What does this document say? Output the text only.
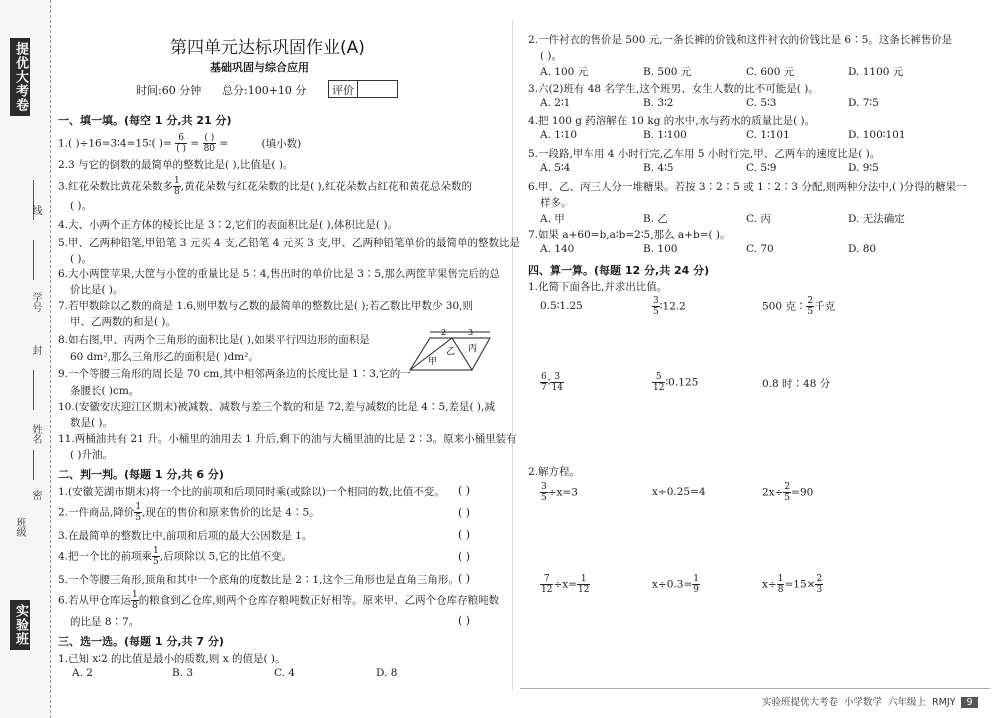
提优大考卷
实验班
线
学号
封
姓名
密
班级
第四单元达标巩固作业(A)
基础巩固与综合应用
时间:60 分钟 总分:100+10 分 评价
一、填一填。(每空 1 分,共 21 分)
1.( )÷16=3∶4=15∶( )= $\frac{6}{( )} = \frac{( )}{80}$ =	(填小数)
2.3 与它的倒数的最简单的整数比是( ),比值是( )。
3.红花朵数比黄花朵数多 $\frac{1}{8}$ ,黄花朵数与红花朵数的比是( ),红花朵数占红花和黄花总朵数的
( )。
4.大、小两个正方体的棱长比是 3∶2,它们的表面积比是( ),体积比是( )。
5.甲、乙两种铅笔,甲铅笔 3 元买 4 支,乙铅笔 4 元买 3 支,甲、乙两种铅笔单价的最简单的整数比是
( )。
6.大小两筐苹果,大筐与小筐的重量比是 5∶4,售出时的单价比是 3∶5,那么两筐苹果售完后的总
价比是( )。
7.若甲数除以乙数的商是 1.6,则甲数与乙数的最简单的整数比是( );若乙数比甲数少 30,则
甲、乙两数的和是( )。
8.如右图,甲、丙两个三角形的面积比是( ),如果平行四边形的面积是
60 dm²,那么三角形乙的面积是( )dm²。
2	3
甲
乙 丙
9.一个等腰三角形的周长是 70 cm,其中相邻两条边的长度比是 1∶3,它的一
条腰长( )cm。
10.(安徽安庆迎江区期末)被减数、减数与差三个数的和是 72,差与减数的比是 4∶5,差是( ),减
数是( )。
11.两桶油共有 21 升。小桶里的油用去 1 升后,剩下的油与大桶里油的比是 2∶3。原来小桶里装有
( )升油。
二、判一判。(每题 1 分,共 6 分)
1.(安徽芜湖市期末)将一个比的前项和后项同时乘(或除以)一个相同的数,比值不变。 ( )
2.一件商品,降价 $\frac{1}{5}$ ,现在的售价和原来售价的比是 4∶5。	( )
3.在最简单的整数比中,前项和后项的最大公因数是 1。	( )
4.把一个比的前项乘 $\frac{1}{5}$ ,后项除以 5,它的比值不变。	( )
5.一个等腰三角形,顶角和其中一个底角的度数比是 2∶1,这个三角形也是直角三角形。 ( )
6.若从甲仓库运 $\frac{1}{8}$ 的粮食到乙仓库,则两个仓库存粮吨数正好相等。原来甲、乙两个仓库存粮吨数
的比是 8∶7。	( )
三、选一选。(每题 1 分,共 7 分)
1.已知 x∶2 的比值是最小的质数,则 x 的值是( )。
A. 2	B. 3	C. 4	D. 8
2.一件衬衣的售价是 500 元,一条长裤的价钱和这件衬衣的价钱比是 6∶5。这条长裤售价是
( )。
A. 100 元	B. 500 元	C. 600 元	D. 1100 元
3.六(2)班有 48 名学生,这个班男、女生人数的比不可能是( )。
A. 2∶1	B. 3∶2	C. 5∶3	D. 7∶5
4.把 100 g 药溶解在 10 kg 的水中,水与药水的质量比是( )。
A. 1∶10	B. 1∶100	C. 1∶101	D. 100∶101
5.一段路,甲车用 4 小时行完,乙车用 5 小时行完,甲、乙两车的速度比是( )。
A. 5∶4	B. 4∶5	C. 5∶9	D. 9∶5
6.甲、乙、丙三人分一堆糖果。若按 3∶2∶5 或 1∶2∶3 分配,则两种分法中,( )分得的糖果一
样多。
A. 甲	B. 乙	C. 丙	D. 无法确定
7.如果 a+60=b,a∶b=2∶5,那么 a+b=( )。
A. 140	B. 100	C. 70	D. 80
四、算一算。(每题 12 分,共 24 分)
1.化简下面各比,并求出比值。
0.5∶1.25	$\frac{3}{5}$ ∶12.2	500 克∶ $\frac{2}{5}$ 千克
$\frac{6}{7}$ ∶ $\frac{3}{14}$	$\frac{5}{12}$ ∶0.125	0.8 时∶48 分
2.解方程。
$\frac{3}{5} \div x=3$	x÷0.25=4	$2x\div \frac{2}{5} =90$
$\frac{7}{12} \div x= \frac{1}{12}$	$x\div 0.3= \frac{1}{9}$	$x\div \frac{1}{8} =15\times \frac{2}{3}$
实验班提优大考卷 小学数学 六年级上 RMJY 9
